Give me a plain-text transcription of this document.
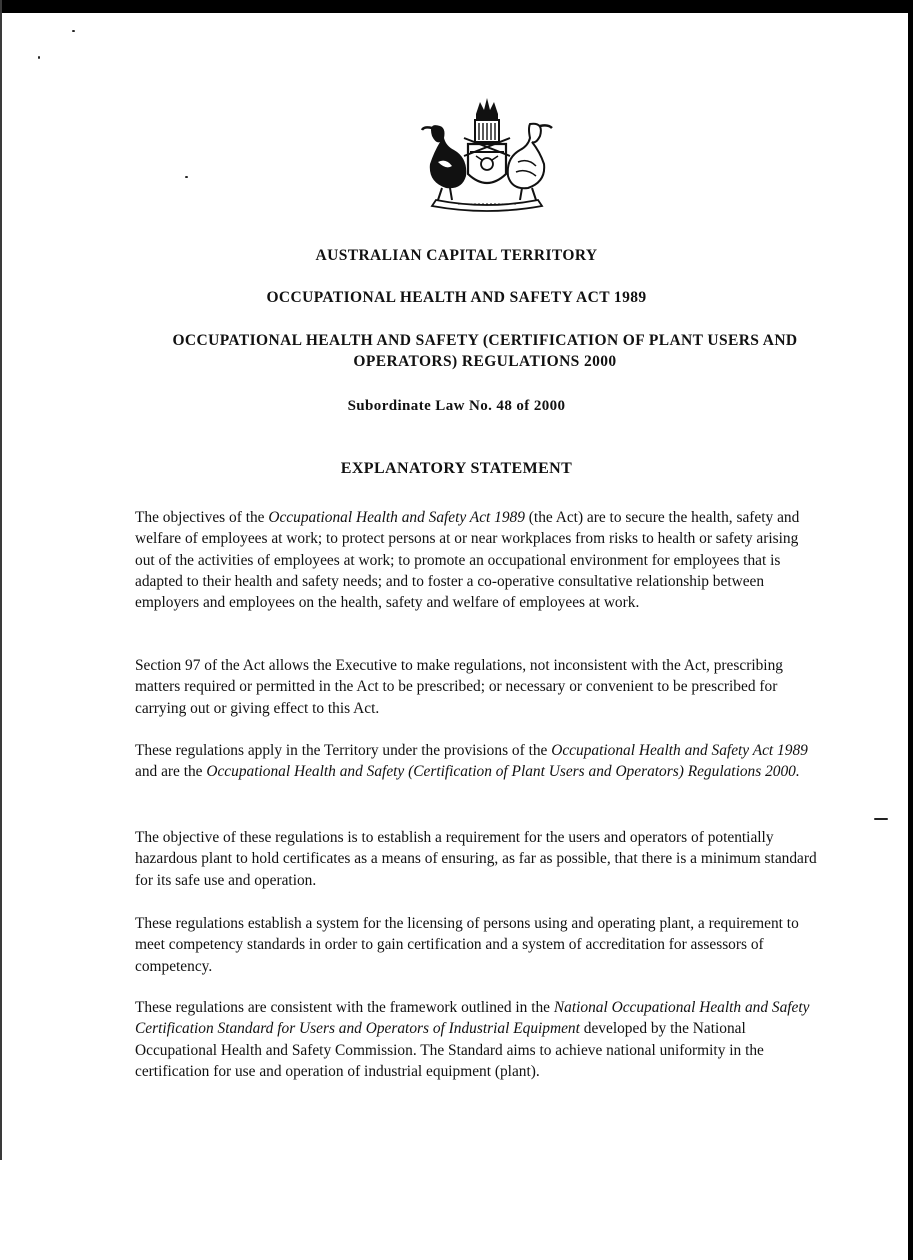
AUSTRALIAN CAPITAL TERRITORY
OCCUPATIONAL HEALTH AND SAFETY ACT 1989
OCCUPATIONAL HEALTH AND SAFETY (CERTIFICATION OF PLANT USERS AND OPERATORS) REGULATIONS 2000
Subordinate Law No. 48 of 2000
EXPLANATORY STATEMENT
The objectives of the Occupational Health and Safety Act 1989 (the Act) are to secure the health, safety and welfare of employees at work; to protect persons at or near workplaces from risks to health or safety arising out of the activities of employees at work; to promote an occupational environment for employees that is adapted to their health and safety needs; and to foster a co-operative consultative relationship between employers and employees on the health, safety and welfare of employees at work.
Section 97 of the Act allows the Executive to make regulations, not inconsistent with the Act, prescribing matters required or permitted in the Act to be prescribed; or necessary or convenient to be prescribed for carrying out or giving effect to this Act.
These regulations apply in the Territory under the provisions of the Occupational Health and Safety Act 1989 and are the Occupational Health and Safety (Certification of Plant Users and Operators) Regulations 2000.
The objective of these regulations is to establish a requirement for the users and operators of potentially hazardous plant to hold certificates as a means of ensuring, as far as possible, that there is a minimum standard for its safe use and operation.
These regulations establish a system for the licensing of persons using and operating plant, a requirement to meet competency standards in order to gain certification and a system of accreditation for assessors of competency.
These regulations are consistent with the framework outlined in the National Occupational Health and Safety Certification Standard for Users and Operators of Industrial Equipment developed by the National Occupational Health and Safety Commission. The Standard aims to achieve national uniformity in the certification for use and operation of industrial equipment (plant).
